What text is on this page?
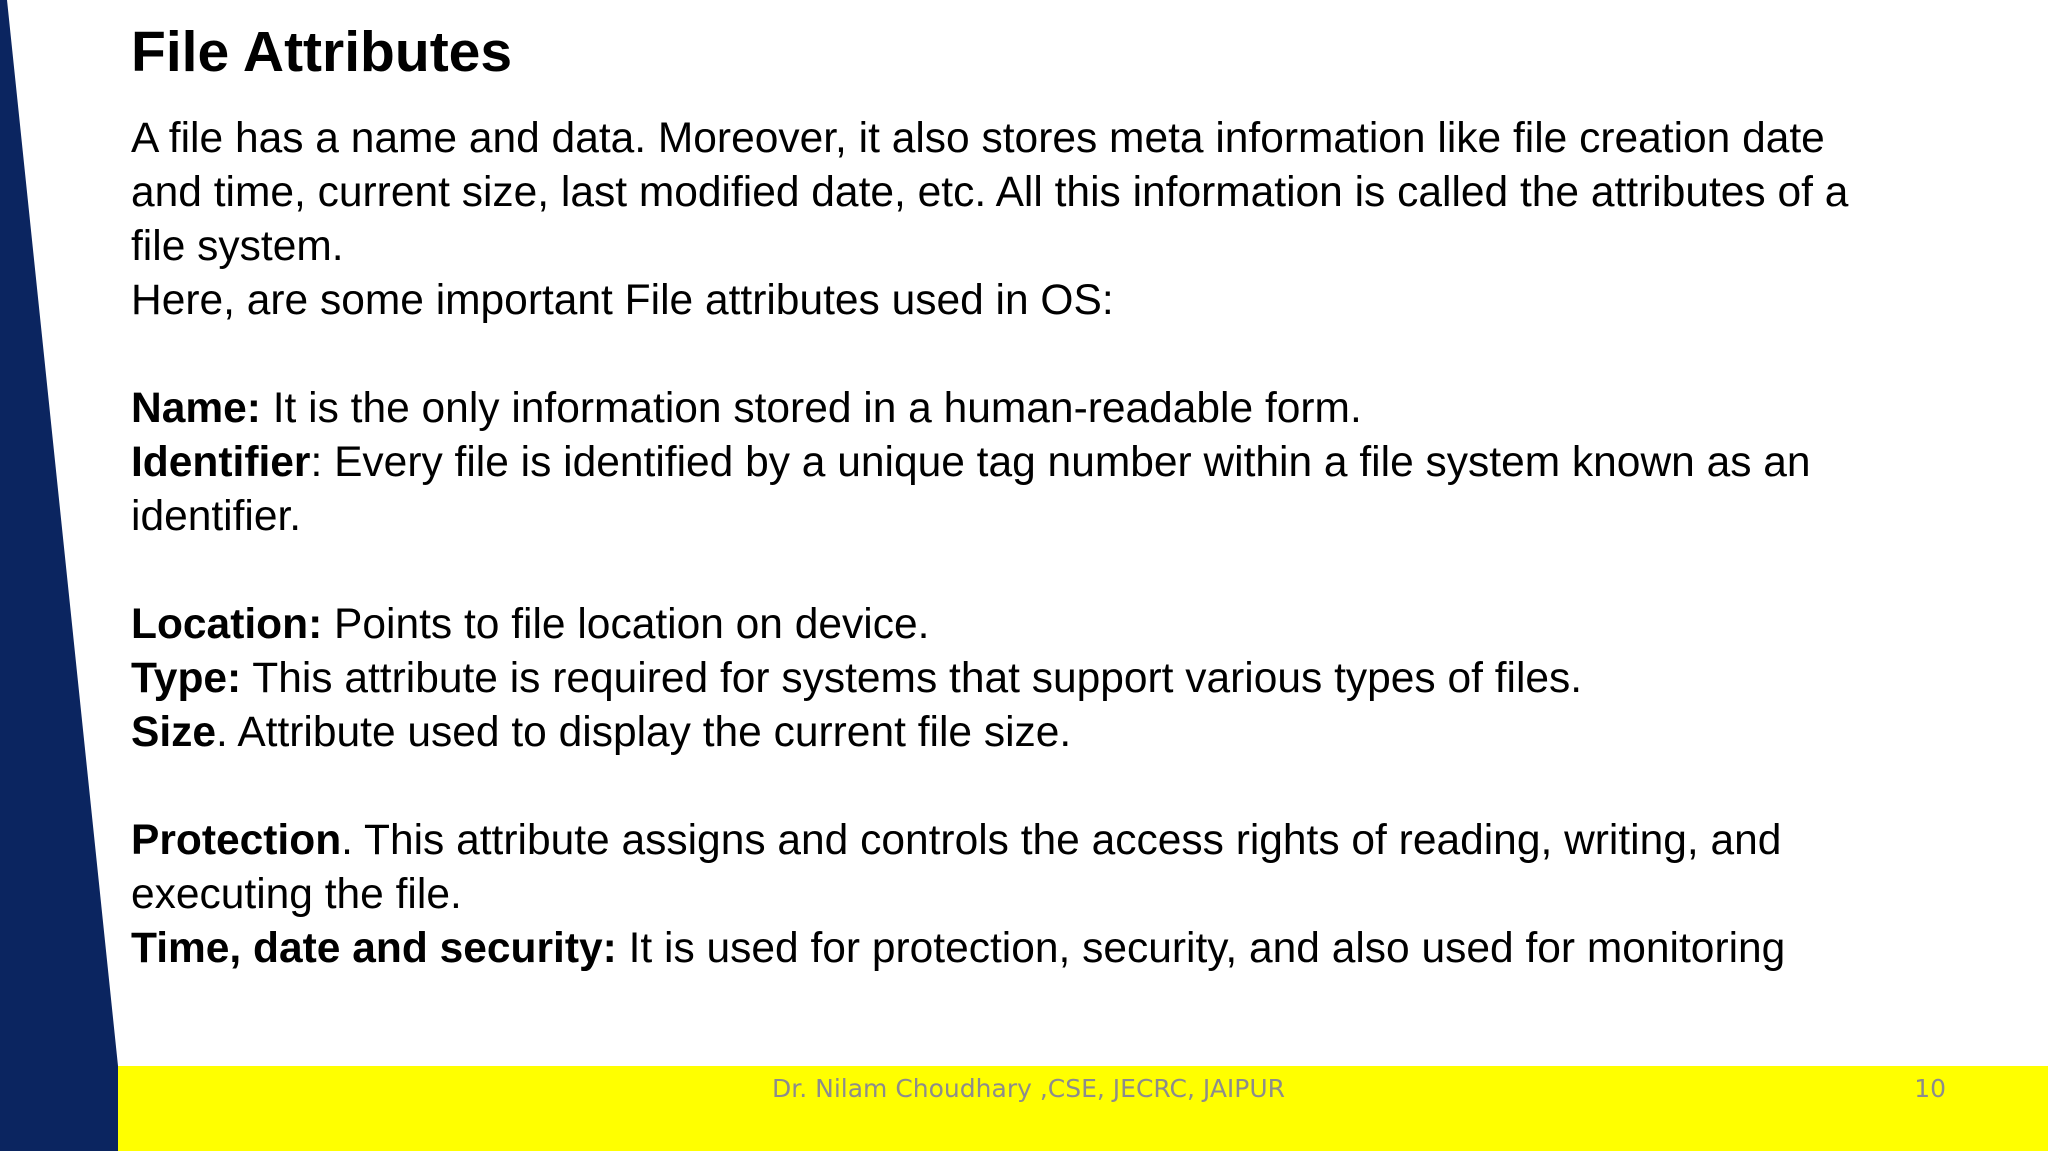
File Attributes

A file has a name and data. Moreover, it also stores meta information like file creation date

and time, current size, last modified date, etc. All this information is called the attributes of a

file system.

Here, are some important File attributes used in OS:

Name: It is the only information stored in a human-readable form.

Identifier: Every file is identified by a unique tag number within a file system known as an

identifier.

Location: Points to file location on device.

Type: This attribute is required for systems that support various types of files.

Size. Attribute used to display the current file size.

Protection. This attribute assigns and controls the access rights of reading, writing, and

executing the file.

Time, date and security: It is used for protection, security, and also used for monitoring

Dr. Nilam Choudhary ,CSE, JECRC, JAIPUR	10
